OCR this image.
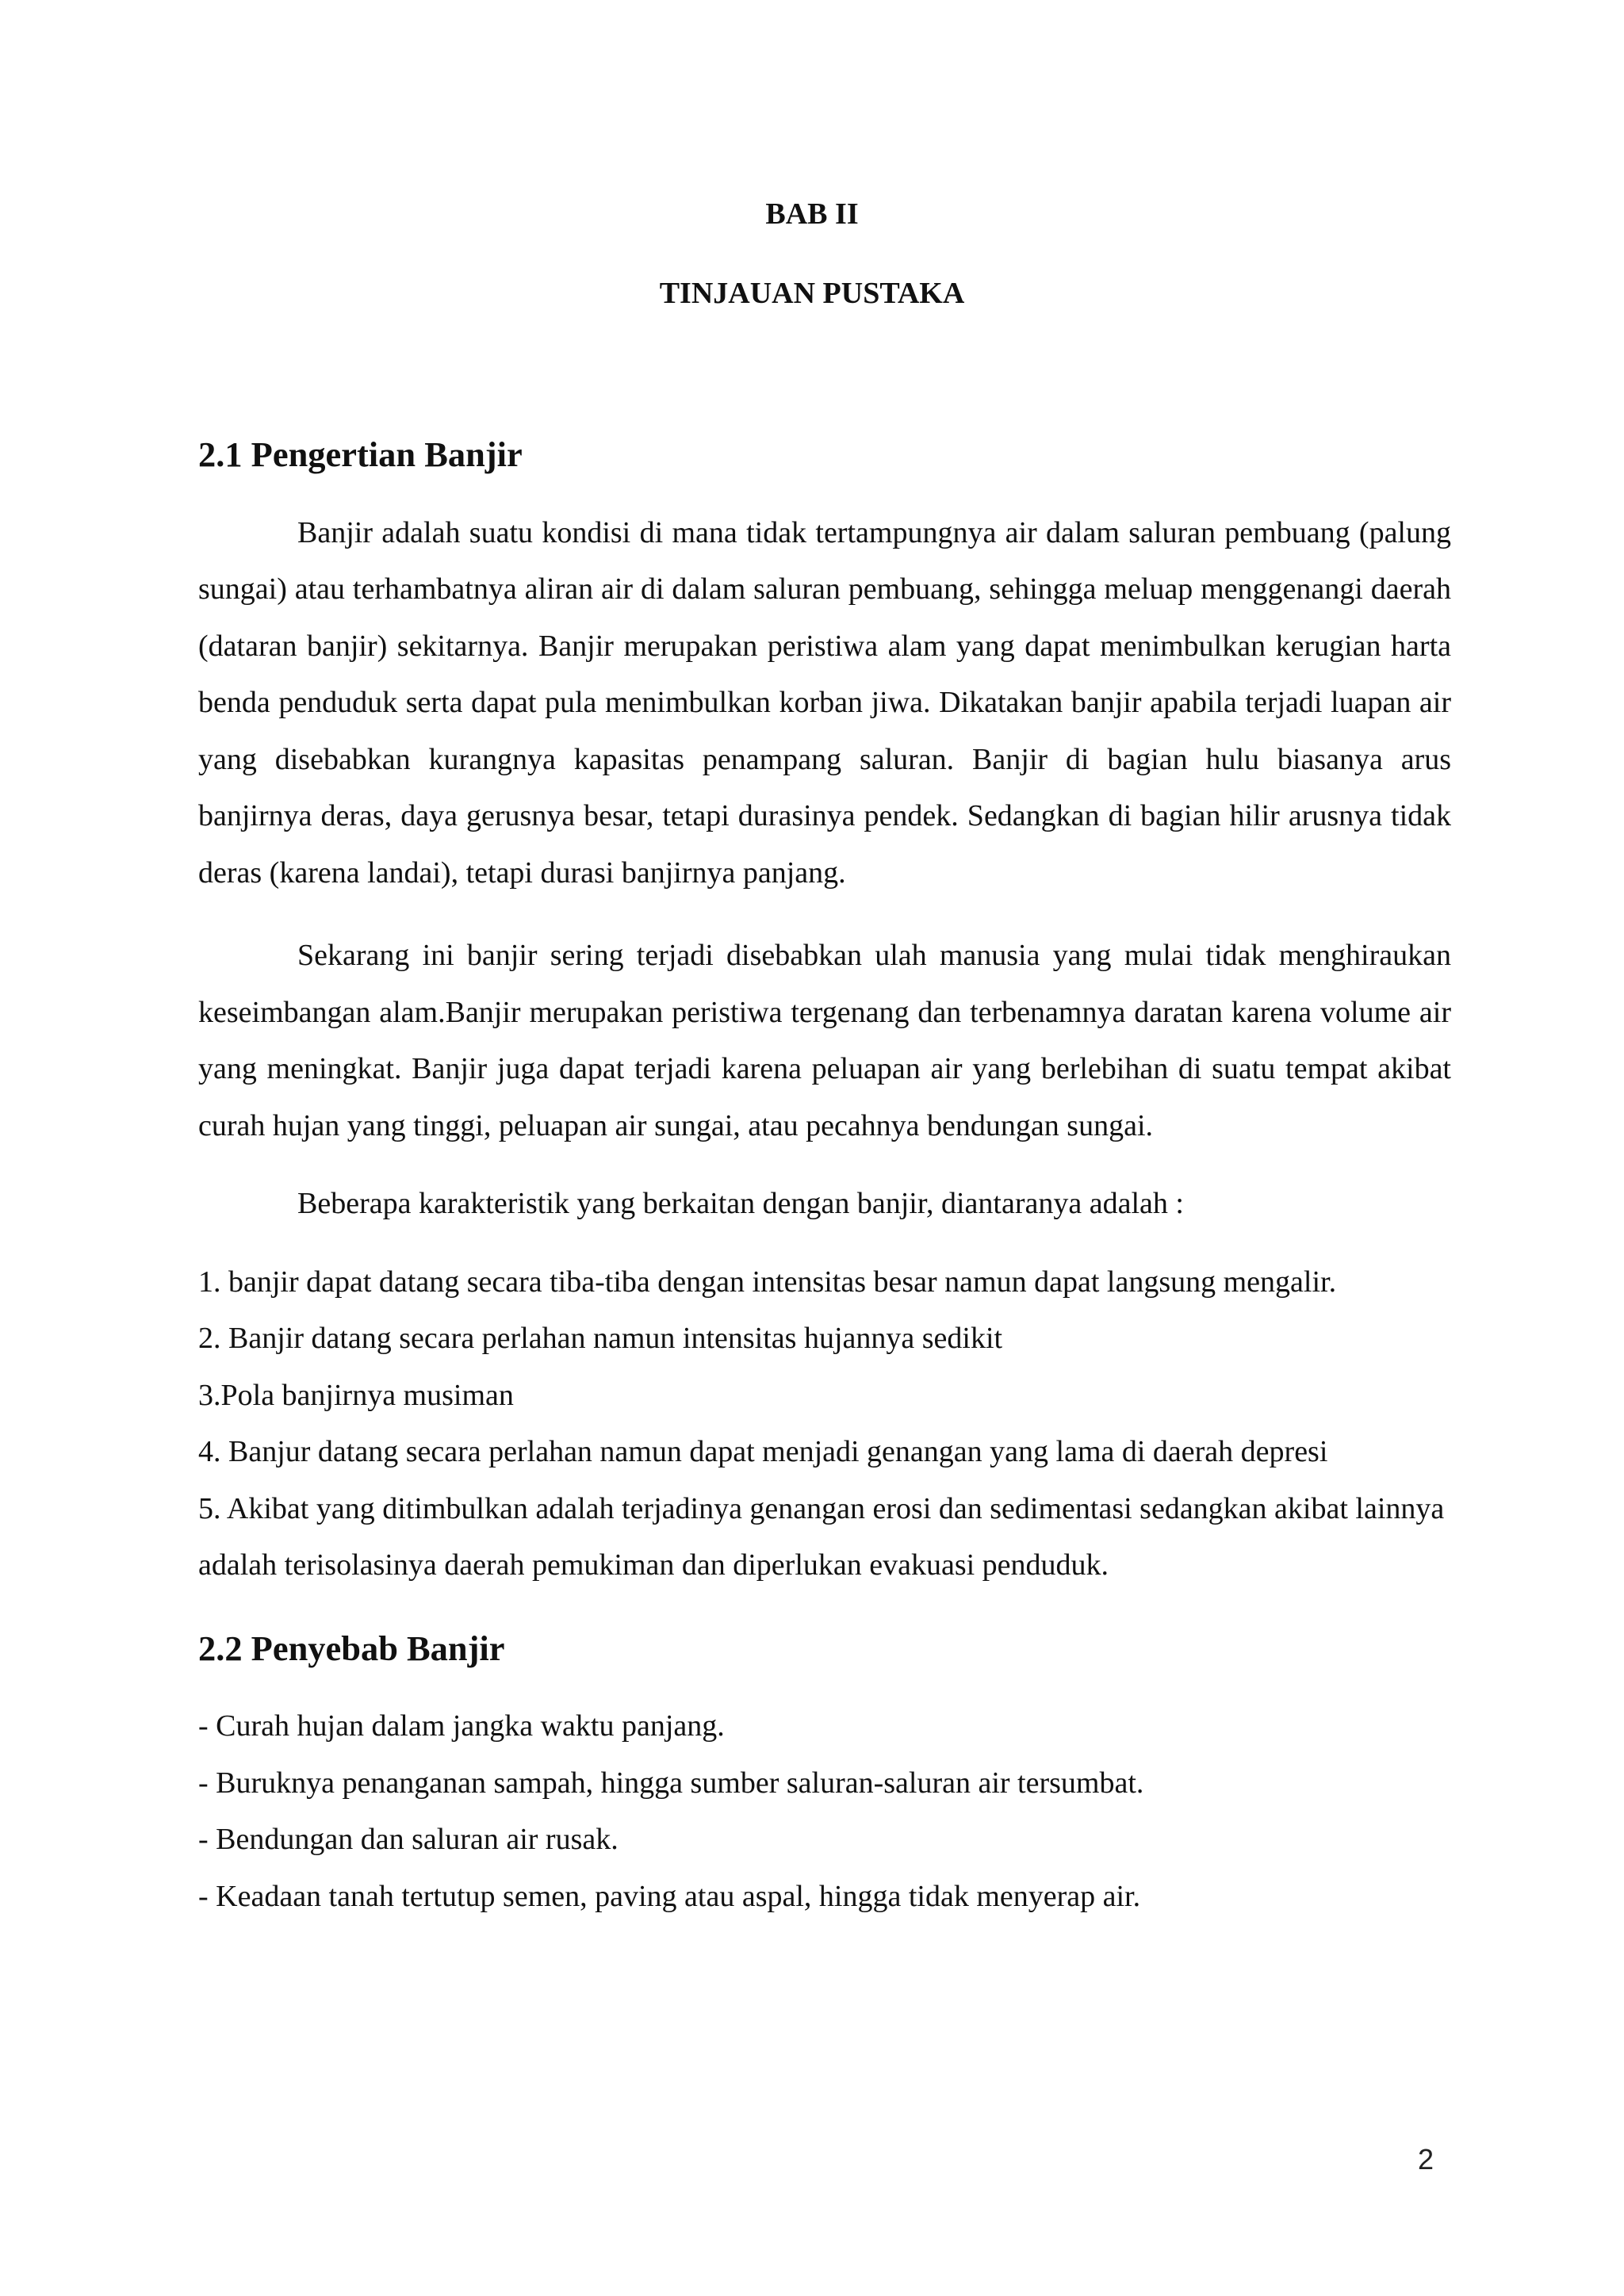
BAB II
TINJAUAN PUSTAKA
2.1 Pengertian Banjir

Banjir adalah suatu kondisi di mana tidak tertampungnya air dalam saluran pembuang (palung sungai) atau terhambatnya aliran air di dalam saluran pembuang, sehingga meluap menggenangi daerah (dataran banjir) sekitarnya. Banjir merupakan peristiwa alam yang dapat menimbulkan kerugian harta benda penduduk serta dapat pula menimbulkan korban jiwa. Dikatakan banjir apabila terjadi luapan air yang disebabkan kurangnya kapasitas penampang saluran. Banjir di bagian hulu biasanya arus banjirnya deras, daya gerusnya besar, tetapi durasinya pendek. Sedangkan di bagian hilir arusnya tidak deras (karena landai), tetapi durasi banjirnya panjang.

Sekarang ini banjir sering terjadi disebabkan ulah manusia yang mulai tidak menghiraukan keseimbangan alam.Banjir merupakan peristiwa tergenang dan terbenamnya daratan karena volume air yang meningkat. Banjir juga dapat terjadi karena peluapan air yang berlebihan di suatu tempat akibat curah hujan yang tinggi, peluapan air sungai, atau pecahnya bendungan sungai.

Beberapa karakteristik yang berkaitan dengan banjir, diantaranya adalah :

1. banjir dapat datang secara tiba-tiba dengan intensitas besar namun dapat langsung mengalir.
2. Banjir datang secara perlahan namun intensitas hujannya sedikit
3.Pola banjirnya musiman
4. Banjur datang secara perlahan namun dapat menjadi genangan yang lama di daerah depresi
5. Akibat yang ditimbulkan adalah terjadinya genangan erosi dan sedimentasi sedangkan akibat lainnya adalah terisolasinya daerah pemukiman dan diperlukan evakuasi penduduk.
2.2 Penyebab Banjir
- Curah hujan dalam jangka waktu panjang.
- Buruknya penanganan sampah, hingga sumber saluran-saluran air tersumbat.
- Bendungan dan saluran air rusak.
- Keadaan tanah tertutup semen, paving atau aspal, hingga tidak menyerap air.
2
